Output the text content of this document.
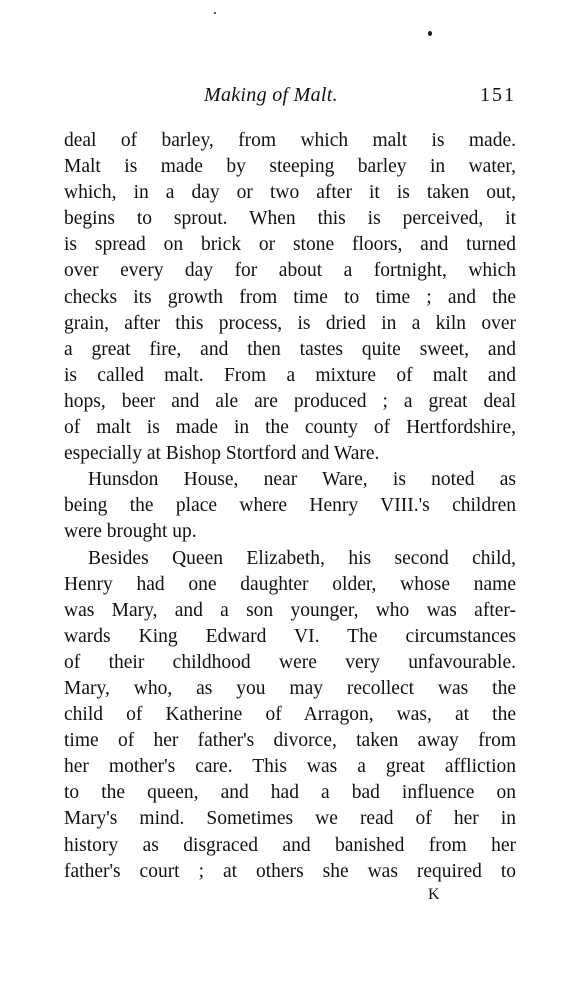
Making of Malt.	151
deal of barley, from which malt is made.
Malt is made by steeping barley in water,
which, in a day or two after it is taken out,
begins to sprout. When this is perceived, it
is spread on brick or stone floors, and turned
over every day for about a fortnight, which
checks its growth from time to time ; and the
grain, after this process, is dried in a kiln over
a great fire, and then tastes quite sweet, and
is called malt. From a mixture of malt and
hops, beer and ale are produced ; a great deal
of malt is made in the county of Hertfordshire,
especially at Bishop Stortford and Ware.
Hunsdon House, near Ware, is noted as
being the place where Henry VIII.'s children
were brought up.
Besides Queen Elizabeth, his second child,
Henry had one daughter older, whose name
was Mary, and a son younger, who was after-
wards King Edward VI. The circumstances
of their childhood were very unfavourable.
Mary, who, as you may recollect was the
child of Katherine of Arragon, was, at the
time of her father's divorce, taken away from
her mother's care. This was a great affliction
to the queen, and had a bad influence on
Mary's mind. Sometimes we read of her in
history as disgraced and banished from her
father's court ; at others she was required to
K
